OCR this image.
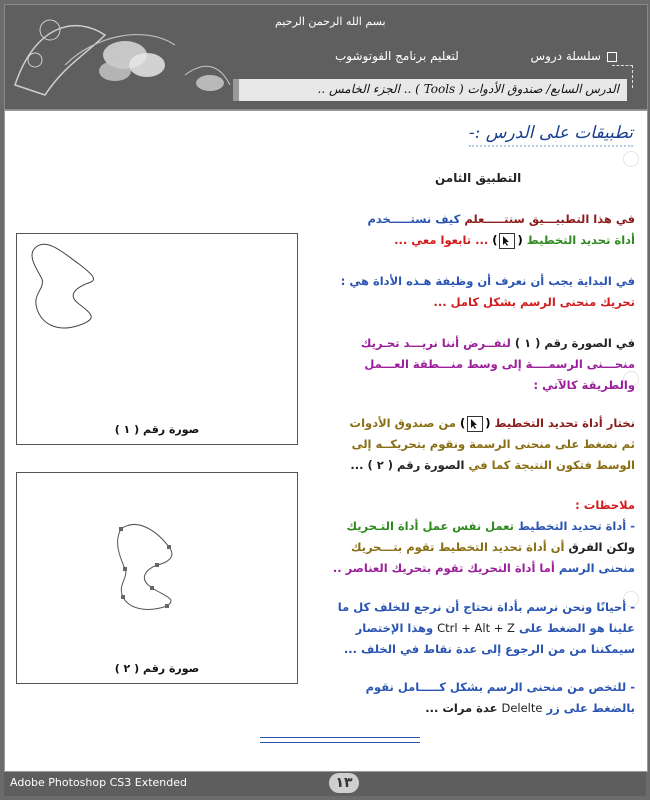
بسم الله الرحمن الرحيم
سلسلة دروس
لتعليم برنامج الفوتوشوب
الدرس السابع/ صندوق الأدوات ( Tools ) .. الجزء الخامس ..
تطبيقات على الدرس :-
التطبيق الثامن
في هذا التطبيـــيق سنتـــــعلم كيف نستـــــخدم
أداة تحديد التخطيط (
) ... تابعوا معي ...
في البداية يجب أن نعرف أن وظيفة هـذه الأداة هي :
تحريك منحنى الرسم بشكل كامل ...
في الصورة رقم ( ١ ) لنفــرض أننا نريـــد تحـريك
منحـــنى الرسمــــة إلى وسط منـــطقة العـــمل
والطريقة كالآتي :
نختار أداة تحديد التخطيط (
) من صندوق الأدوات
ثم نضغط على منحنى الرسمة ونقوم بتحريكــه إلى
الوسط فتكون النتيجة كما في الصورة رقم ( ٢ ) ...
ملاحظات :
- أداة تحديد التخطيط تعمل نفس عمل أداة التـحريك
ولكن الفرق أن أداة تحديد التخطيط تقوم بتـــحريك
منحنى الرسم أما أداة التحريك تقوم بتحريك العناصر ..
- أحيانًا ونحن نرسم بأداة نحتاج أن نرجع للخلف كل ما
علينا هو الضغط على Ctrl + Alt + Z وهذا الإختصار
سيمكننا من من الرجوع إلى عدة نقاط في الخلف ...
- للتخص من منحنى الرسم بشكل كـــــامل نقوم
بالضغط على زر Delelte عدة مرات ...
صورة رقم ( ١ )
صورة رقم ( ٢ )
Adobe Photoshop CS3 Extended	١٣
